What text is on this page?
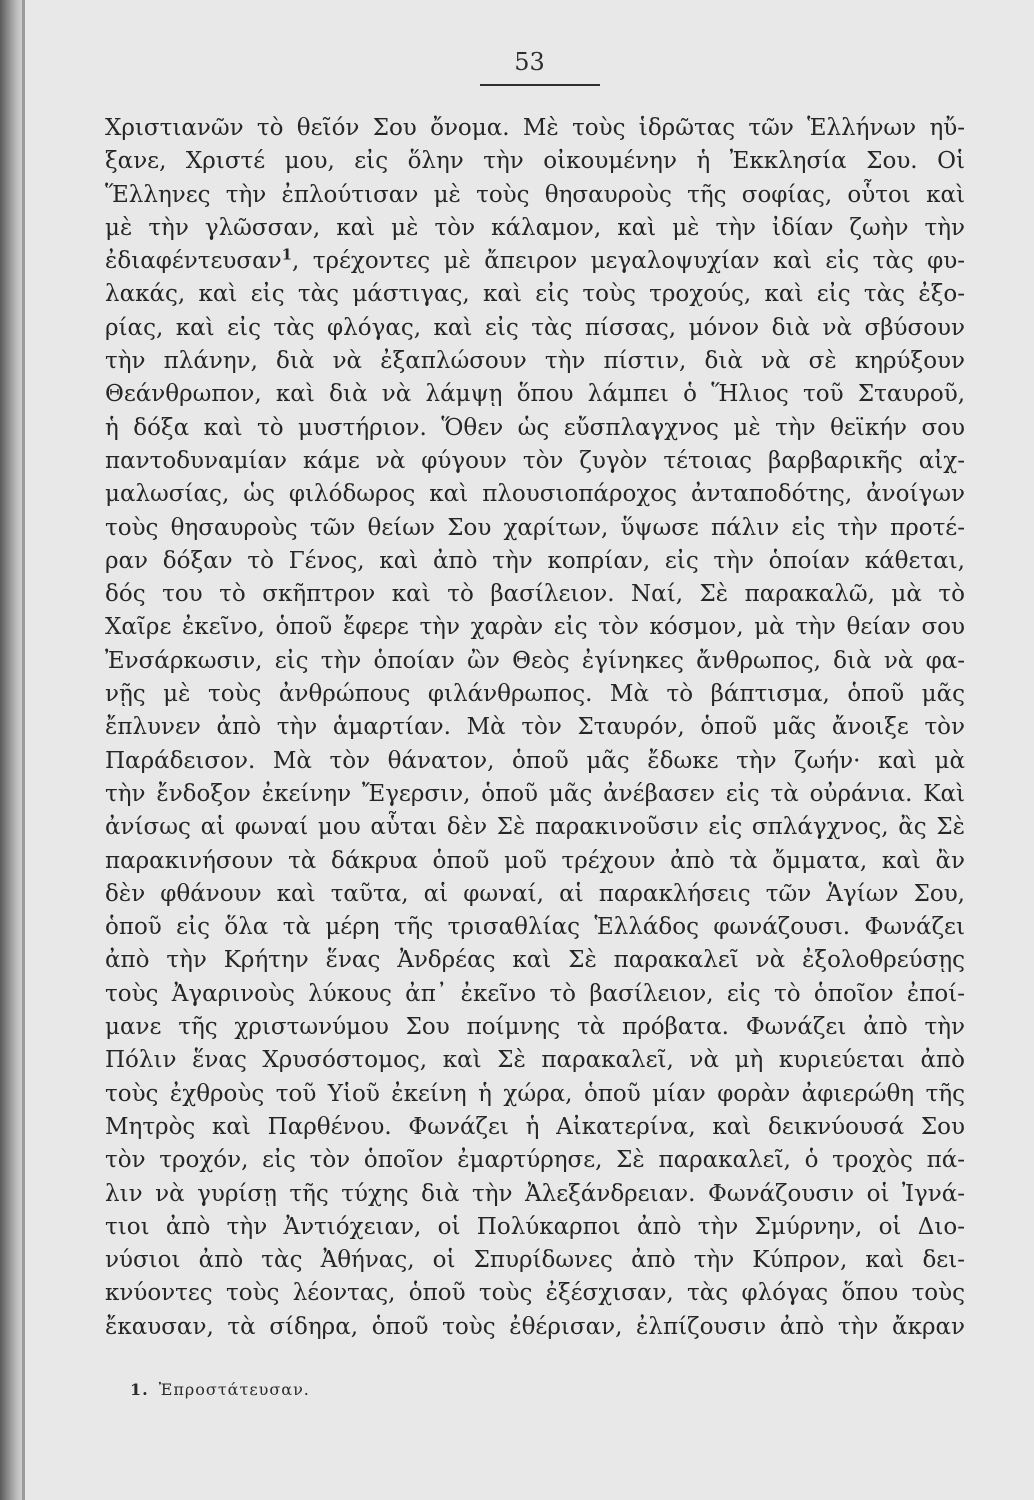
53
Χριστιανῶν τὸ θεῖόν Σου ὄνομα. Μὲ τοὺς ἱδρῶτας τῶν Ἑλλήνων ηὔ-
ξανε, Χριστέ μου, εἰς ὅλην τὴν οἰκουμένην ἡ Ἐκκλησία Σου. Οἱ
Ἕλληνες τὴν ἐπλούτισαν μὲ τοὺς θησαυροὺς τῆς σοφίας, οὗτοι καὶ
μὲ τὴν γλῶσσαν, καὶ μὲ τὸν κάλαμον, καὶ μὲ τὴν ἰδίαν ζωὴν τὴν
ἐδιαφέντευσαν$^1$, τρέχοντες μὲ ἄπειρον μεγαλοψυχίαν καὶ εἰς τὰς φυ-
λακάς, καὶ εἰς τὰς μάστιγας, καὶ εἰς τοὺς τροχούς, καὶ εἰς τὰς ἐξο-
ρίας, καὶ εἰς τὰς φλόγας, καὶ εἰς τὰς πίσσας, μόνον διὰ νὰ σβύσουν
τὴν πλάνην, διὰ νὰ ἐξαπλώσουν τὴν πίστιν, διὰ νὰ σὲ κηρύξουν
Θεάνθρωπον, καὶ διὰ νὰ λάμψῃ ὅπου λάμπει ὁ Ἥλιος τοῦ Σταυροῦ,
ἡ δόξα καὶ τὸ μυστήριον. Ὅθεν ὡς εὔσπλαγχνος μὲ τὴν θεϊκήν σου
παντοδυναμίαν κάμε νὰ φύγουν τὸν ζυγὸν τέτοιας βαρβαρικῆς αἰχ-
μαλωσίας, ὡς φιλόδωρος καὶ πλουσιοπάροχος ἀνταποδότης, ἀνοίγων
τοὺς θησαυροὺς τῶν θείων Σου χαρίτων, ὕψωσε πάλιν εἰς τὴν προτέ-
ραν δόξαν τὸ Γένος, καὶ ἀπὸ τὴν κοπρίαν, εἰς τὴν ὁποίαν κάθεται,
δός του τὸ σκῆπτρον καὶ τὸ βασίλειον. Ναί, Σὲ παρακαλῶ, μὰ τὸ
Χαῖρε ἐκεῖνο, ὁποῦ ἔφερε τὴν χαρὰν εἰς τὸν κόσμον, μὰ τὴν θείαν σου
Ἐνσάρκωσιν, εἰς τὴν ὁποίαν ὢν Θεὸς ἐγίνηκες ἄνθρωπος, διὰ νὰ φα-
νῇς μὲ τοὺς ἀνθρώπους φιλάνθρωπος. Μὰ τὸ βάπτισμα, ὁποῦ μᾶς
ἔπλυνεν ἀπὸ τὴν ἁμαρτίαν. Μὰ τὸν Σταυρόν, ὁποῦ μᾶς ἄνοιξε τὸν
Παράδεισον. Μὰ τὸν θάνατον, ὁποῦ μᾶς ἔδωκε τὴν ζωήν· καὶ μὰ
τὴν ἔνδοξον ἐκείνην Ἔγερσιν, ὁποῦ μᾶς ἀνέβασεν εἰς τὰ οὐράνια. Καὶ
ἀνίσως αἱ φωναί μου αὗται δὲν Σὲ παρακινοῦσιν εἰς σπλάγχνος, ἂς Σὲ
παρακινήσουν τὰ δάκρυα ὁποῦ μοῦ τρέχουν ἀπὸ τὰ ὄμματα, καὶ ἂν
δὲν φθάνουν καὶ ταῦτα, αἱ φωναί, αἱ παρακλήσεις τῶν Ἁγίων Σου,
ὁποῦ εἰς ὅλα τὰ μέρη τῆς τρισαθλίας Ἑλλάδος φωνάζουσι. Φωνάζει
ἀπὸ τὴν Κρήτην ἕνας Ἀνδρέας καὶ Σὲ παρακαλεῖ νὰ ἐξολοθρεύσῃς
τοὺς Ἀγαρινοὺς λύκους ἀπ᾽ ἐκεῖνο τὸ βασίλειον, εἰς τὸ ὁποῖον ἐποί-
μανε τῆς χριστωνύμου Σου ποίμνης τὰ πρόβατα. Φωνάζει ἀπὸ τὴν
Πόλιν ἕνας Χρυσόστομος, καὶ Σὲ παρακαλεῖ, νὰ μὴ κυριεύεται ἀπὸ
τοὺς ἐχθροὺς τοῦ Υἱοῦ ἐκείνη ἡ χώρα, ὁποῦ μίαν φορὰν ἀφιερώθη τῆς
Μητρὸς καὶ Παρθένου. Φωνάζει ἡ Αἰκατερίνα, καὶ δεικνύουσά Σου
τὸν τροχόν, εἰς τὸν ὁποῖον ἐμαρτύρησε, Σὲ παρακαλεῖ, ὁ τροχὸς πά-
λιν νὰ γυρίσῃ τῆς τύχης διὰ τὴν Ἀλεξάνδρειαν. Φωνάζουσιν οἱ Ἰγνά-
τιοι ἀπὸ τὴν Ἀντιόχειαν, οἱ Πολύκαρποι ἀπὸ τὴν Σμύρνην, οἱ Διο-
νύσιοι ἀπὸ τὰς Ἀθήνας, οἱ Σπυρίδωνες ἀπὸ τὴν Κύπρον, καὶ δει-
κνύοντες τοὺς λέοντας, ὁποῦ τοὺς ἐξέσχισαν, τὰς φλόγας ὅπου τοὺς
ἔκαυσαν, τὰ σίδηρα, ὁποῦ τοὺς ἐθέρισαν, ἐλπίζουσιν ἀπὸ τὴν ἄκραν
1. Ἐπροστάτευσαν.
